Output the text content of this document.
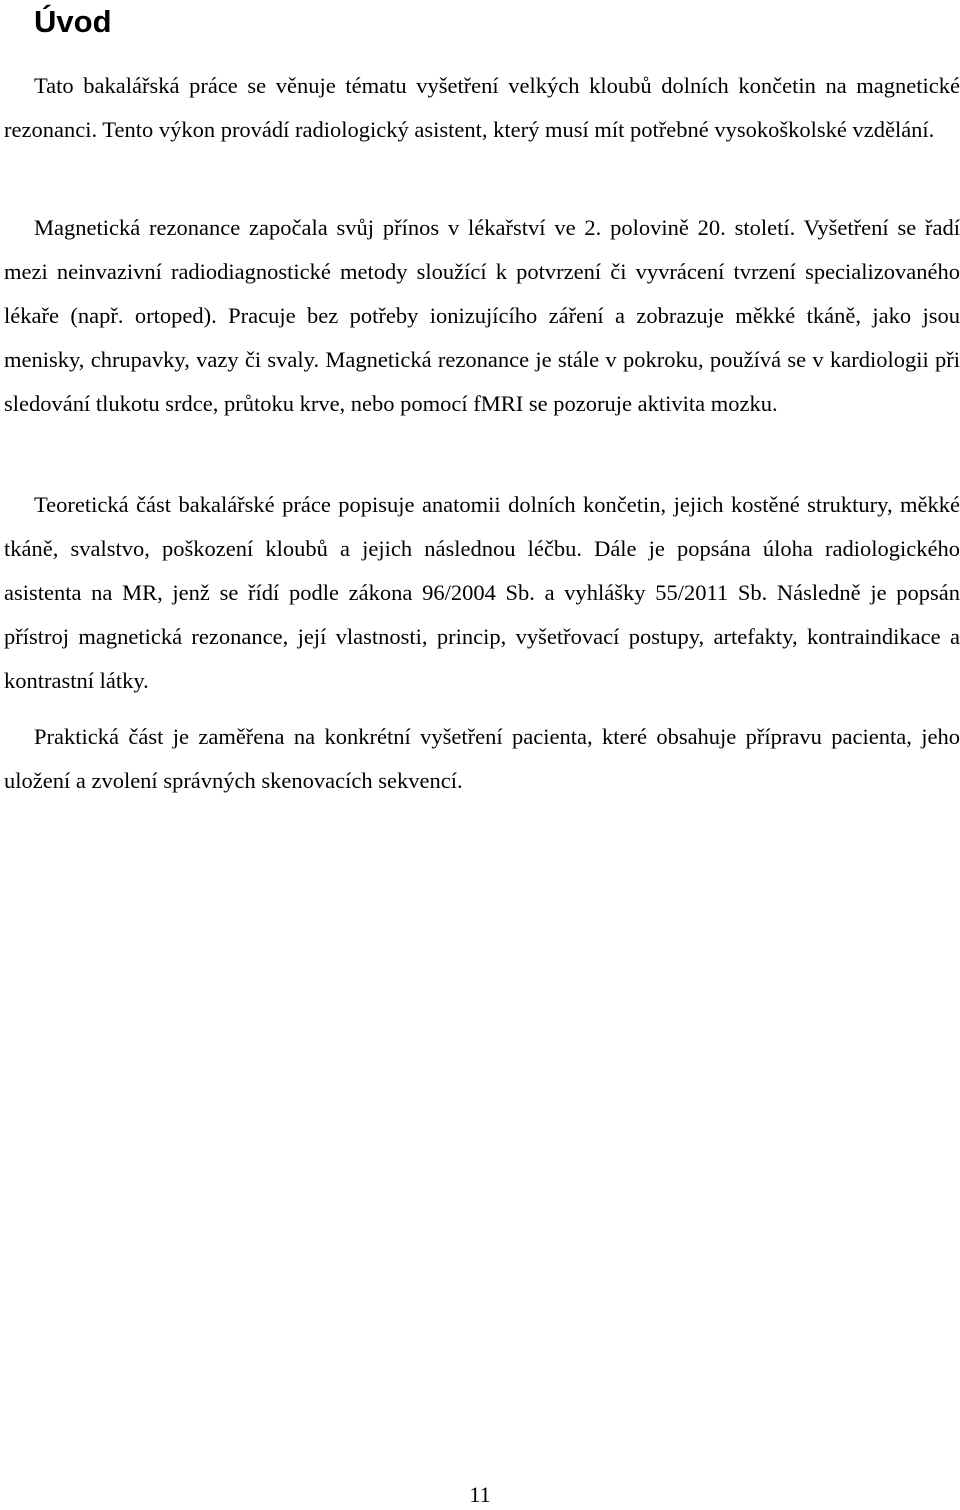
Úvod

Tato bakalářská práce se věnuje tématu vyšetření velkých kloubů dolních končetin na magnetické rezonanci. Tento výkon provádí radiologický asistent, který musí mít potřebné vysokoškolské vzdělání.

Magnetická rezonance započala svůj přínos v lékařství ve 2. polovině 20. století. Vyšetření se řadí mezi neinvazivní radiodiagnostické metody sloužící k potvrzení či vyvrácení tvrzení specializovaného lékaře (např. ortoped). Pracuje bez potřeby ionizujícího záření a zobrazuje měkké tkáně, jako jsou menisky, chrupavky, vazy či svaly. Magnetická rezonance je stále v pokroku, používá se v kardiologii při sledování tlukotu srdce, průtoku krve, nebo pomocí fMRI se pozoruje aktivita mozku.

Teoretická část bakalářské práce popisuje anatomii dolních končetin, jejich kostěné struktury, měkké tkáně, svalstvo, poškození kloubů a jejich následnou léčbu. Dále je popsána úloha radiologického asistenta na MR, jenž se řídí podle zákona 96/2004 Sb. a vyhlášky 55/2011 Sb. Následně je popsán přístroj magnetická rezonance, její vlastnosti, princip, vyšetřovací postupy, artefakty, kontraindikace a kontrastní látky.

Praktická část je zaměřena na konkrétní vyšetření pacienta, které obsahuje přípravu pacienta, jeho uložení a zvolení správných skenovacích sekvencí.

11
